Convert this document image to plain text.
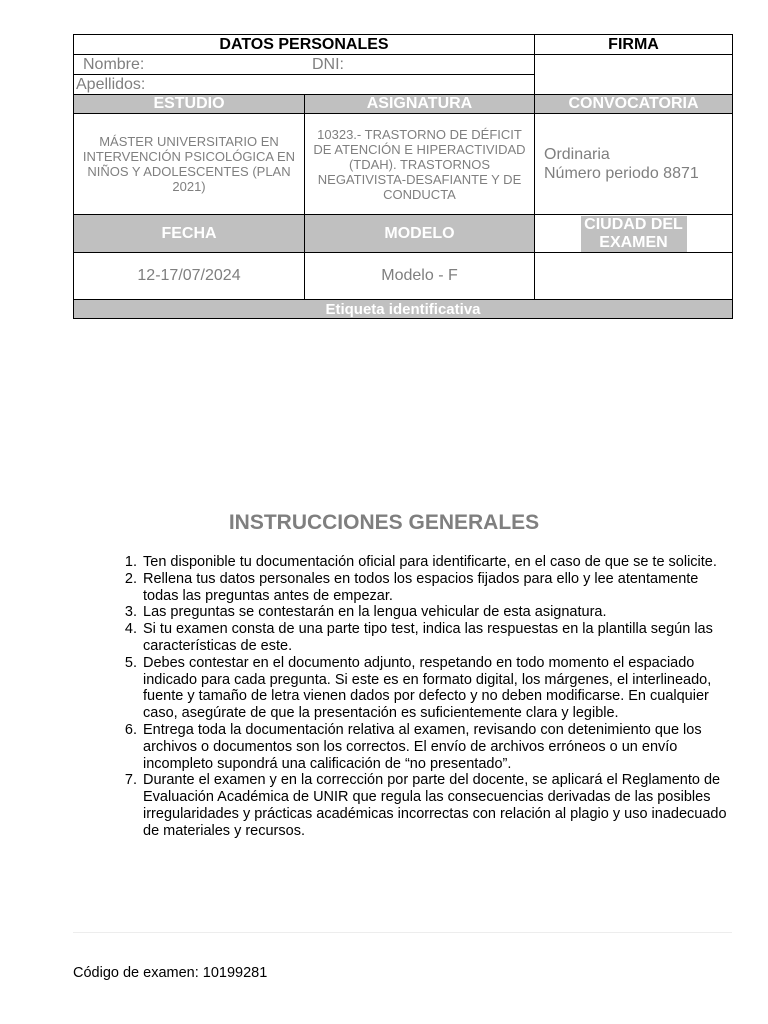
DATOS PERSONALES		FIRMA

Nombre: DNI:		

Apellidos:		

ESTUDIO	ASIGNATURA	CONVOCATORIA

MÁSTER UNIVERSITARIO EN INTERVENCIÓN PSICOLÓGICA EN NIÑOS Y ADOLESCENTES (PLAN 2021)	10323.- TRASTORNO DE DÉFICIT DE ATENCIÓN E HIPERACTIVIDAD (TDAH). TRASTORNOS NEGATIVISTA-DESAFIANTE Y DE CONDUCTA	Ordinaria
Número periodo 8871

FECHA	MODELO	CIUDAD DEL EXAMEN
12-17/07/2024	Modelo - F	
Etiqueta identificativa		
INSTRUCCIONES GENERALES
1. Ten disponible tu documentación oficial para identificarte, en el caso de que se te solicite.
2. Rellena tus datos personales en todos los espacios fijados para ello y lee atentamente todas las preguntas antes de empezar.
3. Las preguntas se contestarán en la lengua vehicular de esta asignatura.
4. Si tu examen consta de una parte tipo test, indica las respuestas en la plantilla según las características de este.
5. Debes contestar en el documento adjunto, respetando en todo momento el espaciado indicado para cada pregunta. Si este es en formato digital, los márgenes, el interlineado, fuente y tamaño de letra vienen dados por defecto y no deben modificarse. En cualquier caso, asegúrate de que la presentación es suficientemente clara y legible.
6. Entrega toda la documentación relativa al examen, revisando con detenimiento que los archivos o documentos son los correctos. El envío de archivos erróneos o un envío incompleto supondrá una calificación de “no presentado”.
7. Durante el examen y en la corrección por parte del docente, se aplicará el Reglamento de Evaluación Académica de UNIR que regula las consecuencias derivadas de las posibles irregularidades y prácticas académicas incorrectas con relación al plagio y uso inadecuado de materiales y recursos.
Código de examen: 10199281
